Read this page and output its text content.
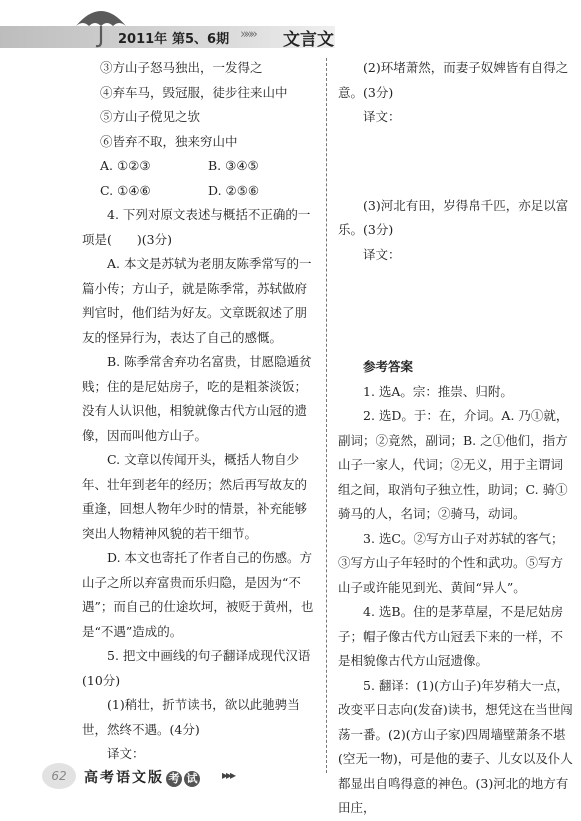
2011年 第5、6期 »»» 文言文

③方山子怒马独出，一发得之

④弃车马，毁冠服，徒步往来山中

⑤方山子傥见之欤

⑥皆弃不取，独来穷山中

A. ①②③	B. ③④⑤
C. ①④⑥	D. ②⑤⑥

4. 下列对原文表述与概括不正确的一项是(　　)(3分)

A. 本文是苏轼为老朋友陈季常写的一篇小传；方山子，就是陈季常，苏轼做府判官时，他们结为好友。文章既叙述了朋友的怪异行为，表达了自己的感慨。

B. 陈季常舍弃功名富贵，甘愿隐遁贫贱；住的是尼姑房子，吃的是粗茶淡饭；没有人认识他，相貌就像古代方山冠的遗像，因而叫他方山子。

C. 文章以传闻开头，概括人物自少年、壮年到老年的经历；然后再写故友的重逢，回想人物年少时的情景，补充能够突出人物精神风貌的若干细节。

D. 本文也寄托了作者自己的伤感。方山子之所以弃富贵而乐归隐，是因为“不遇”；而自己的仕途坎坷，被贬于黄州，也是“不遇”造成的。

5. 把文中画线的句子翻译成现代汉语(10分)

(1)稍壮，折节读书，欲以此驰骋当世，然终不遇。(4分)

译文：

(2)环堵萧然，而妻子奴婢皆有自得之意。(3分)

译文：

(3)河北有田，岁得帛千匹，亦足以富乐。(3分)

译文：

参考答案

1. 选A。宗：推崇、归附。

2. 选D。于：在，介词。A. 乃①就，副词；②竟然，副词；B. 之①他们，指方山子一家人，代词；②无义，用于主谓词组之间，取消句子独立性，助词；C. 骑①骑马的人，名词；②骑马，动词。

3. 选C。②写方山子对苏轼的客气；③写方山子年轻时的个性和武功。⑤写方山子或许能见到光、黄间“异人”。

4. 选B。住的是茅草屋，不是尼姑房子；帽子像古代方山冠丢下来的一样，不是相貌像古代方山冠遗像。

5. 翻译：(1)(方山子)年岁稍大一点，改变平日志向(发奋)读书，想凭这在当世闯荡一番。(2)(方山子家)四周墙壁萧条不堪(空无一物)，可是他的妻子、儿女以及仆人都显出自鸣得意的神色。(3)河北的地方有田庄，

62	高考语文版 考 试 ▸▸▸
